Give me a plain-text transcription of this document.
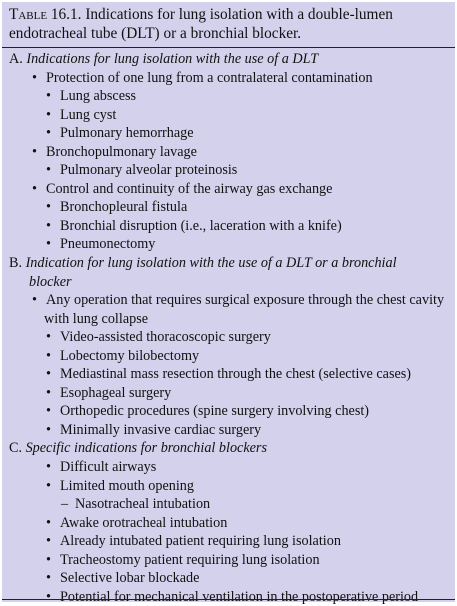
Table 16.1. Indications for lung isolation with a double-lumen
endotracheal tube (DLT) or a bronchial blocker.
A. Indications for lung isolation with the use of a DLT
• Protection of one lung from a contralateral contamination
• Lung abscess
• Lung cyst
• Pulmonary hemorrhage
• Bronchopulmonary lavage
• Pulmonary alveolar proteinosis
• Control and continuity of the airway gas exchange
• Bronchopleural fistula
• Bronchial disruption (i.e., laceration with a knife)
• Pneumonectomy
B. Indication for lung isolation with the use of a DLT or a bronchial
blocker
• Any operation that requires surgical exposure through the chest cavity
with lung collapse
• Video-assisted thoracoscopic surgery
• Lobectomy bilobectomy
• Mediastinal mass resection through the chest (selective cases)
• Esophageal surgery
• Orthopedic procedures (spine surgery involving chest)
• Minimally invasive cardiac surgery
C. Specific indications for bronchial blockers
• Difficult airways
• Limited mouth opening
– Nasotracheal intubation
• Awake orotracheal intubation
• Already intubated patient requiring lung isolation
• Tracheostomy patient requiring lung isolation
• Selective lobar blockade
• Potential for mechanical ventilation in the postoperative period
